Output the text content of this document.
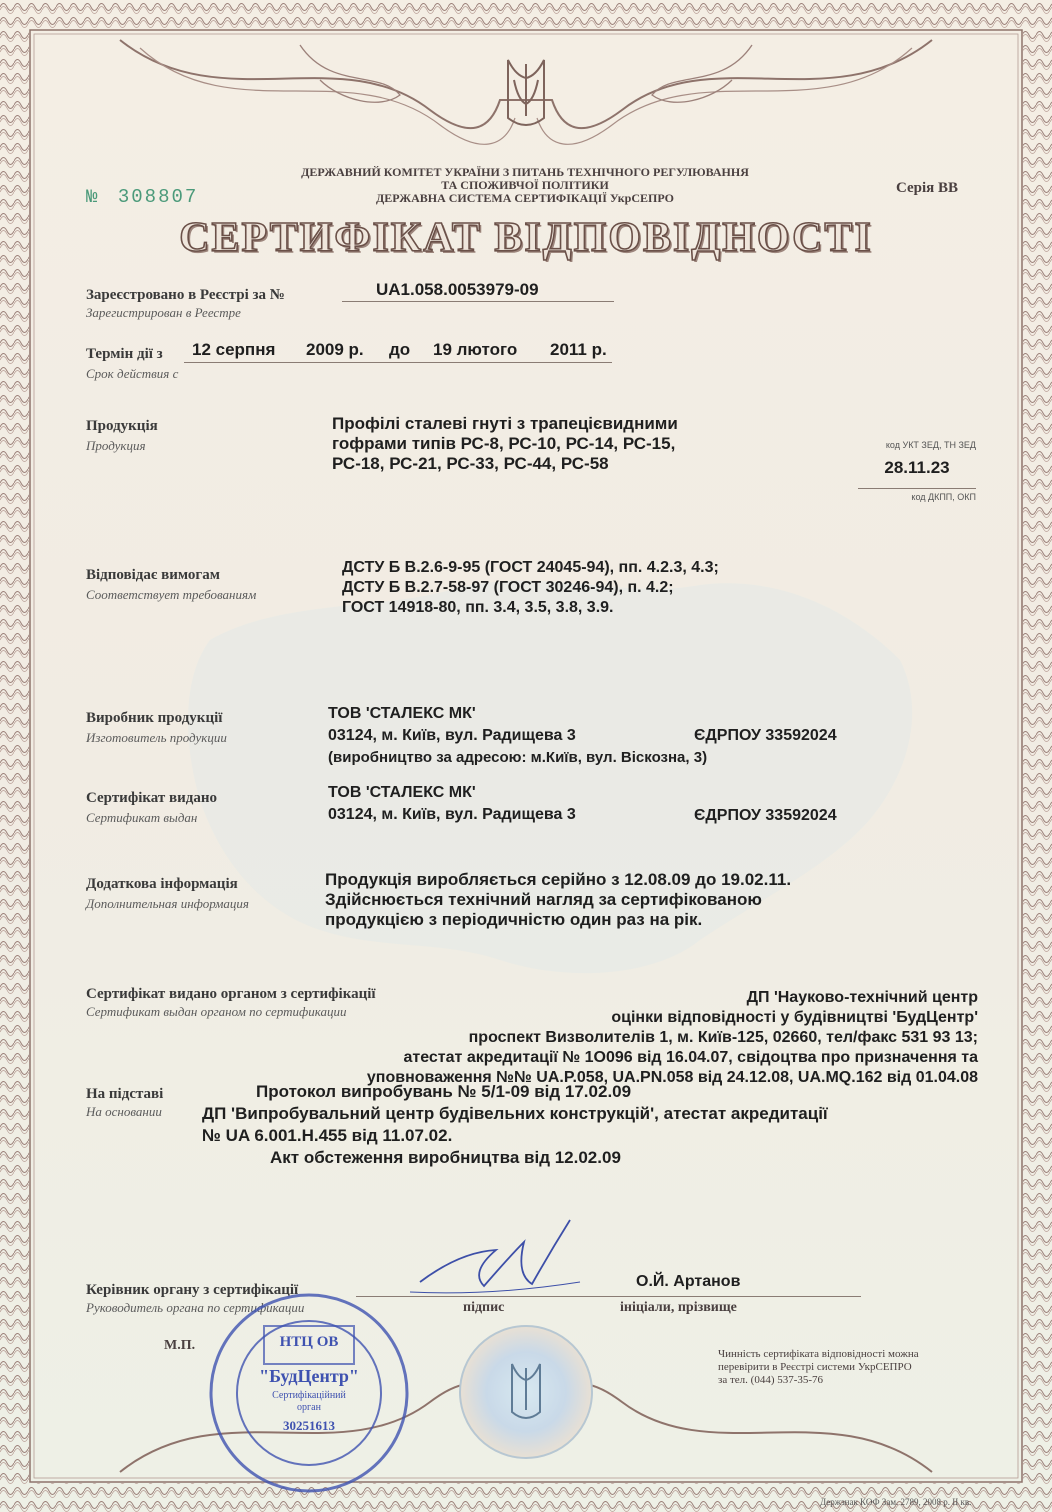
ДЕРЖАВНИЙ КОМІТЕТ УКРАЇНИ З ПИТАНЬ ТЕХНІЧНОГО РЕГУЛЮВАННЯ
ТА СПОЖИВЧОЇ ПОЛІТИКИ
ДЕРЖАВНА СИСТЕМА СЕРТИФІКАЦІЇ УкрСЕПРО
№ 308807	Серія ВВ
СЕРТИФІКАТ ВІДПОВІДНОСТІ
Зареєстровано в Реєстрі за №
Зарегистрирован в Реестре
UA1.058.0053979-09
Термін дії з
Срок действия с
12 серпня 2009 р. до 19 лютого 2011 р.
Продукція
Продукция
Профілі сталеві гнуті з трапецієвидними
гофрами типів РС-8, РС-10, РС-14, РС-15,
РС-18, РС-21, РС-33, РС-44, РС-58
код УКТ ЗЕД, ТН ЗЕД
28.11.23
код ДКПП, ОКП
Відповідає вимогам
Соответствует требованиям
ДСТУ Б В.2.6-9-95 (ГОСТ 24045-94), пп. 4.2.3, 4.3;
ДСТУ Б В.2.7-58-97 (ГОСТ 30246-94), п. 4.2;
ГОСТ 14918-80, пп. 3.4, 3.5, 3.8, 3.9.
Виробник продукції
Изготовитель продукции
ТОВ 'СТАЛЕКС МК'
03124, м. Київ, вул. Радищева 3	ЄДРПОУ 33592024
(виробництво за адресою: м.Київ, вул. Віскозна, 3)
Сертифікат видано
Сертификат выдан
ТОВ 'СТАЛЕКС МК'
03124, м. Київ, вул. Радищева 3	ЄДРПОУ 33592024
Додаткова інформація
Дополнительная информация
Продукція виробляється серійно з 12.08.09 до 19.02.11.
Здійснюється технічний нагляд за сертифікованою
продукцією з періодичністю один раз на рік.
Сертифікат видано органом з сертифікації
Сертификат выдан органом по сертификации
ДП 'Науково-технічний центр
оцінки відповідності у будівництві 'БудЦентр'
проспект Визволителів 1, м. Київ-125, 02660, тел/факс 531 93 13;
атестат акредитації № 1О096 від 16.04.07, свідоцтва про призначення та
уповноваження №№ UA.P.058, UA.PN.058 від 24.12.08, UA.MQ.162 від 01.04.08
На підставі
На основании
Протокол випробувань № 5/1-09 від 17.02.09
ДП 'Випробувальний центр будівельних конструкцій', атестат акредитації
№ UA 6.001.Н.455 від 11.07.02.
Акт обстеження виробництва від 12.02.09
Керівник органу з сертифікації
Руководитель органа по сертификации
О.Й. Артанов
підпис	ініціали, прізвище
М.П.	НТЦ ОВ
"БудЦентр"
Сертифікаційний
орган
30251613
Чинність сертифіката відповідності можна
перевірити в Реєстрі системи УкрСЕПРО
за тел. (044) 537-35-76
Держзнак КОФ Зам. 2789, 2008 р. ІІ кв.
